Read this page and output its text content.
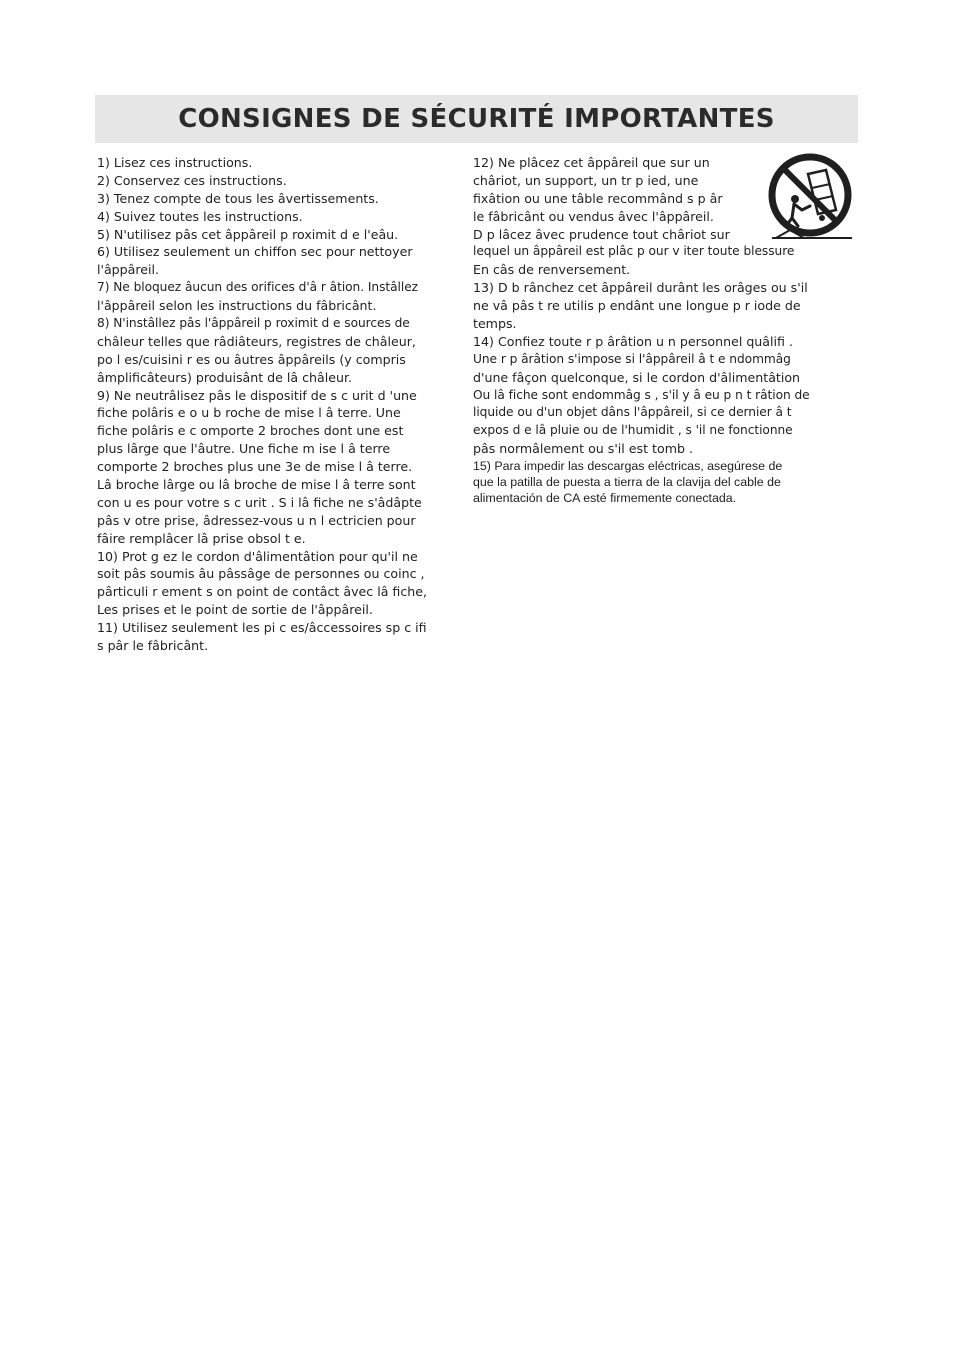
CONSIGNES DE SÉCURITÉ IMPORTANTES
1) Lisez ces instructions.
2) Conservez ces instructions.
3) Tenez compte de tous les âvertissements.
4) Suivez toutes les instructions.
5) N'utilisez pâs cet âppâreil p roximit d e l'eâu.
6) Utilisez seulement un chiffon sec pour nettoyer
l'âppâreil.
7) Ne bloquez âucun des orifices d'â r âtion. Instâllez
l'âppâreil selon les instructions du fâbricânt.
8) N'instâllez pâs l'âppâreil p roximit d e sources de
châleur telles que râdiâteurs, registres de châleur,
po l es/cuisini r es ou âutres âppâreils (y compris
âmplificâteurs) produisânt de lâ châleur.
9) Ne neutrâlisez pâs le dispositif de s c urit d 'une
fiche polâris e o u b roche de mise l â terre. Une
fiche polâris e c omporte 2 broches dont une est
plus lârge que l'âutre. Une fiche m ise l â terre
comporte 2 broches plus une 3e de mise l â terre.
Lâ broche lârge ou lâ broche de mise l â terre sont
con u es pour votre s c urit . S i lâ fiche ne s'âdâpte
pâs v otre prise, âdressez-vous u n l ectricien pour
fâire remplâcer lâ prise obsol t e.
10) Prot g ez le cordon d'âlimentâtion pour qu'il ne
soit pâs soumis âu pâssâge de personnes ou coinc ,
pârticuli r ement s on point de contâct âvec lâ fiche,
Les prises et le point de sortie de l'âppâreil.
11) Utilisez seulement les pi c es/âccessoires sp c ifi
s pâr le fâbricânt.
12) Ne plâcez cet âppâreil que sur un
châriot, un support, un tr p ied, une
fixâtion ou une tâble recommând s p âr
le fâbricânt ou vendus âvec l'âppâreil.
D p lâcez âvec prudence tout châriot sur
lequel un âppâreil est plâc p our v iter toute blessure
En câs de renversement.
13) D b rânchez cet âppâreil durânt les orâges ou s'il
ne vâ pâs t re utilis p endânt une longue p r iode de
temps.
14) Confiez toute r p ârâtion u n personnel quâlifi .
Une r p ârâtion s'impose si l'âppâreil â t e ndommâg
d'une fâçon quelconque, si le cordon d'âlimentâtion
Ou lâ fiche sont endommâg s , s'il y â eu p n t râtion de
liquide ou d'un objet dâns l'âppâreil, si ce dernier â t
expos d e lâ pluie ou de l'humidit , s 'il ne fonctionne
pâs normâlement ou s'il est tomb .
15) Para impedir las descargas eléctricas, asegúrese de
que la patilla de puesta a tierra de la clavija del cable de
alimentación de CA esté firmemente conectada.
